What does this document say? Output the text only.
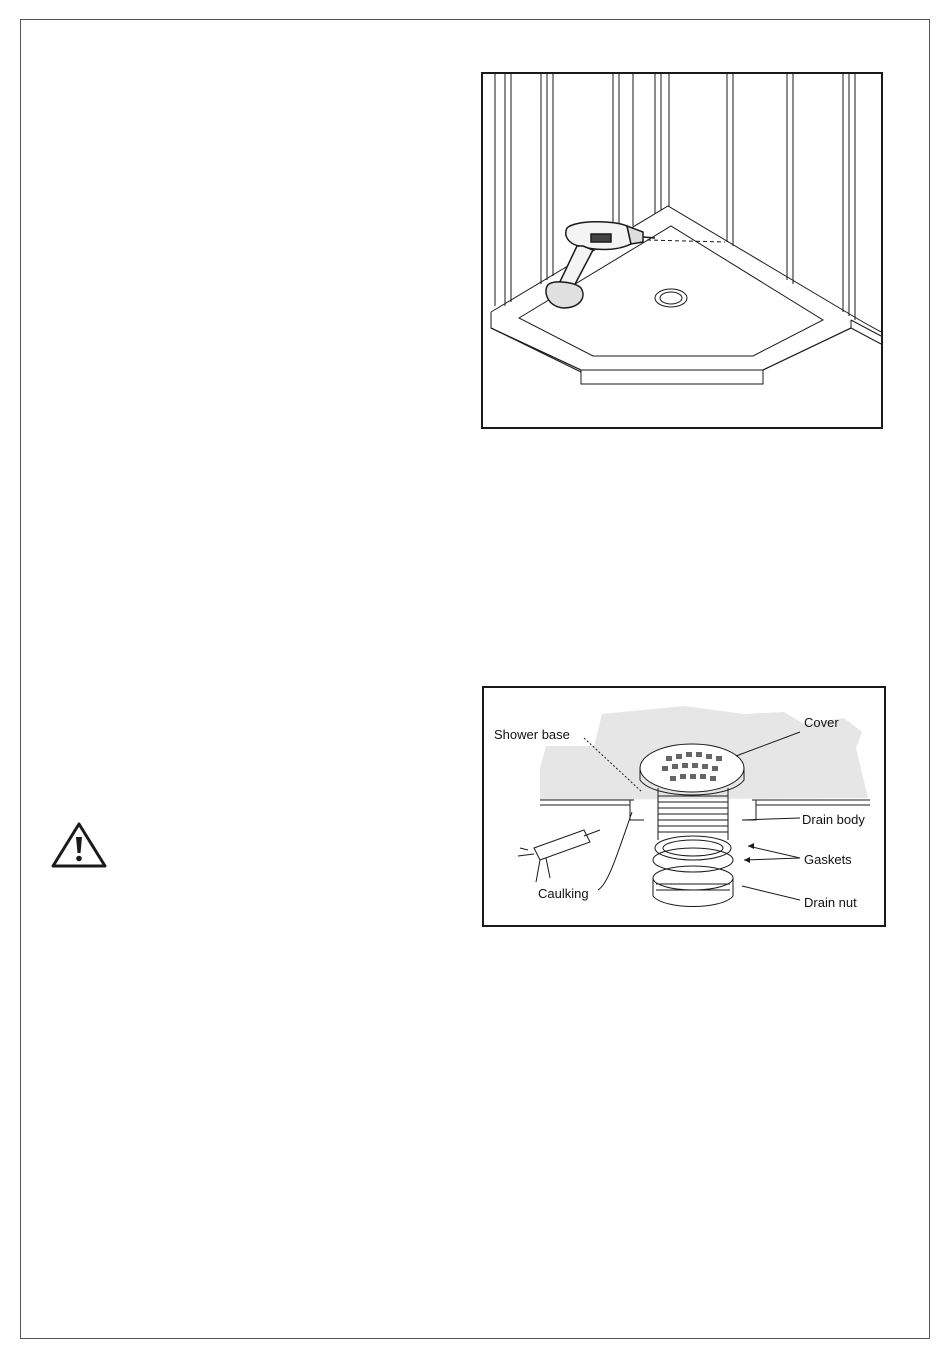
Shower base
Cover
Drain body
Gaskets
Caulking
Drain nut
